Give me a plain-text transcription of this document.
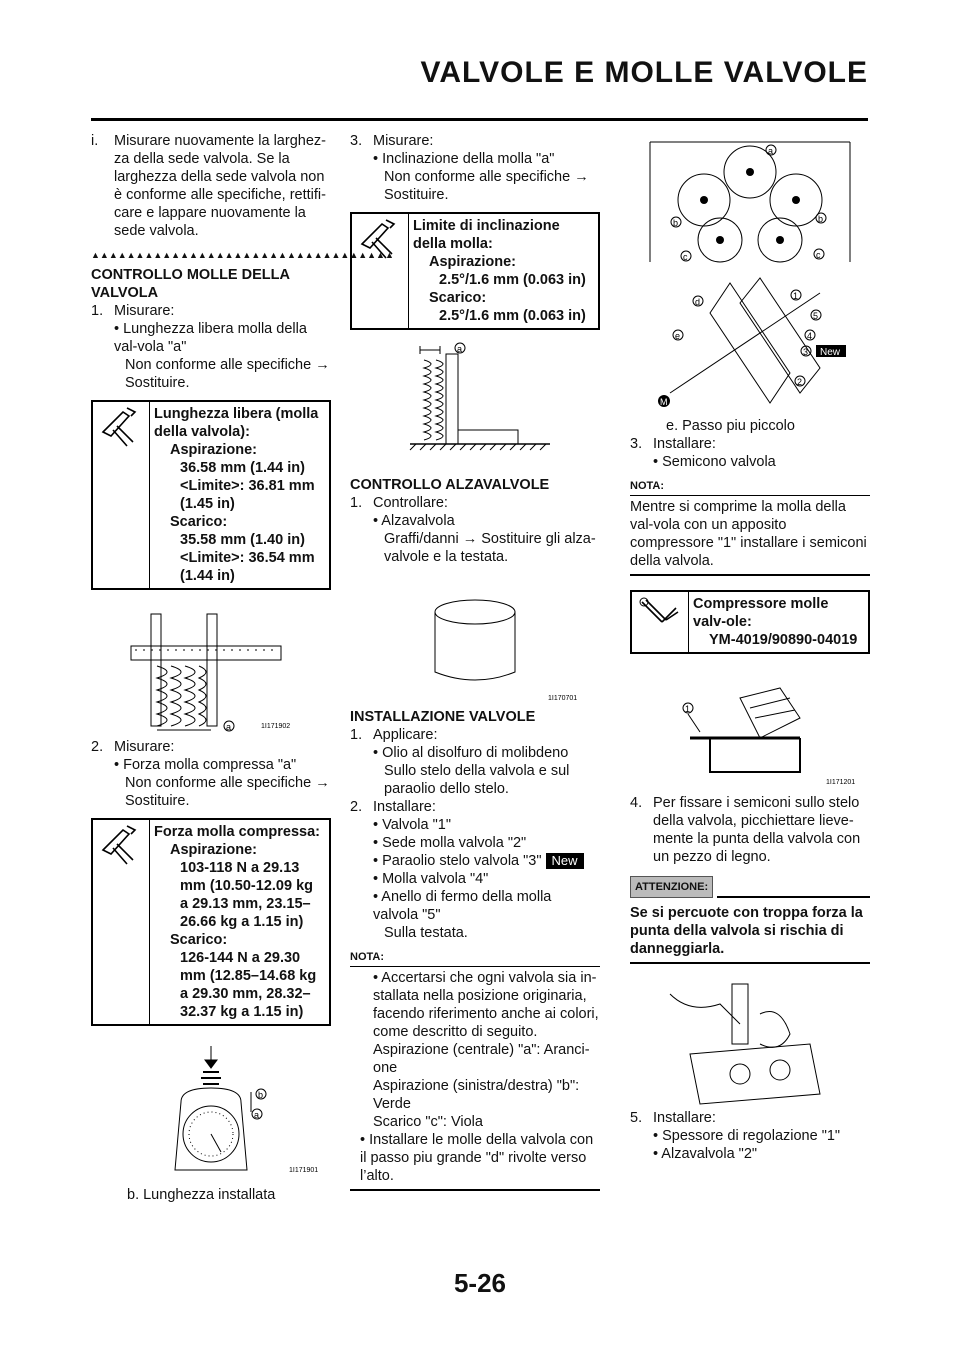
VALVOLE E MOLLE VALVOLE
i.	Misurare nuovamente la larghez-za della sede valvola. Se la larghezza della sede valvola non è conforme alle specifiche, rettifi-care e lappare nuovamente la sede valvola.
▲▲▲▲▲▲▲▲▲▲▲▲▲▲▲▲▲▲▲▲▲▲▲▲▲▲▲▲▲▲▲▲▲▲

CONTROLLO MOLLE DELLA VALVOLA

1. Misurare:

• Lunghezza libera molla della val-vola "a"

Non conforme alle specifiche → Sostituire.

Lunghezza libera (molla della valvola):
Aspirazione:
36.58 mm (1.44 in)
<Limite>: 36.81 mm (1.45 in)
Scarico:
35.58 mm (1.40 in)
<Limite>: 36.54 mm (1.44 in)
a	1I171902
2. Misurare:

• Forza molla compressa "a"

Non conforme alle specifiche → Sostituire.

Forza molla compressa:
Aspirazione:
103-118 N a 29.13 mm (10.50-12.09 kg a 29.13 mm, 23.15–26.66 kg a 1.15 in)
Scarico:
126-144 N a 29.30 mm (12.85–14.68 kg a 29.30 mm, 28.32–32.37 kg a 1.15 in)
b
a
1I171901

b. Lunghezza installata

3. Misurare:

• Inclinazione della molla "a"

Non conforme alle specifiche → Sostituire.

Limite di inclinazione della molla:
Aspirazione:
2.5°/1.6 mm (0.063 in)
Scarico:
2.5°/1.6 mm (0.063 in)
a

CONTROLLO ALZAVALVOLE

1. Controllare:

• Alzavalvola

Graffi/danni → Sostituire gli alza-valvole e la testata.

1I170701

INSTALLAZIONE VALVOLE

1. Applicare:

• Olio al disolfuro di molibdeno

Sullo stelo della valvola e sul paraolio dello stelo.

2. Installare:

• Valvola "1"

• Sede molla valvola "2"

• Paraolio stelo valvola "3" New

• Molla valvola "4"

• Anello di fermo della molla valvola "5"

Sulla testata.

NOTA:

• Accertarsi che ogni valvola sia in-stallata nella posizione originaria, facendo riferimento anche ai colori, come descritto di seguito.

Aspirazione (centrale) "a": Aranci-one

Aspirazione (sinistra/destra) "b": Verde

Scarico "c": Viola

• Installare le molle della valvola con il passo piu grande "d" rivolte verso l’alto.

a
b	b
c	c
M
d
e
1
5
4
3 New
2

e. Passo piu piccolo

3. Installare:

• Semicono valvola

NOTA:

Mentre si comprime la molla della val-vola con un apposito compressore "1" installare i semiconi della valvola.

Compressore molle valv-ole:
YM-4019/90890-04019
1
1I171201
4. Per fissare i semiconi sullo stelo della valvola, picchiettare lieve-mente la punta della valvola con un pezzo di legno.
ATTENZIONE:

Se si percuote con troppa forza la punta della valvola si rischia di danneggiarla.

5. Installare:

• Spessore di regolazione "1"

• Alzavalvola "2"

5-26
